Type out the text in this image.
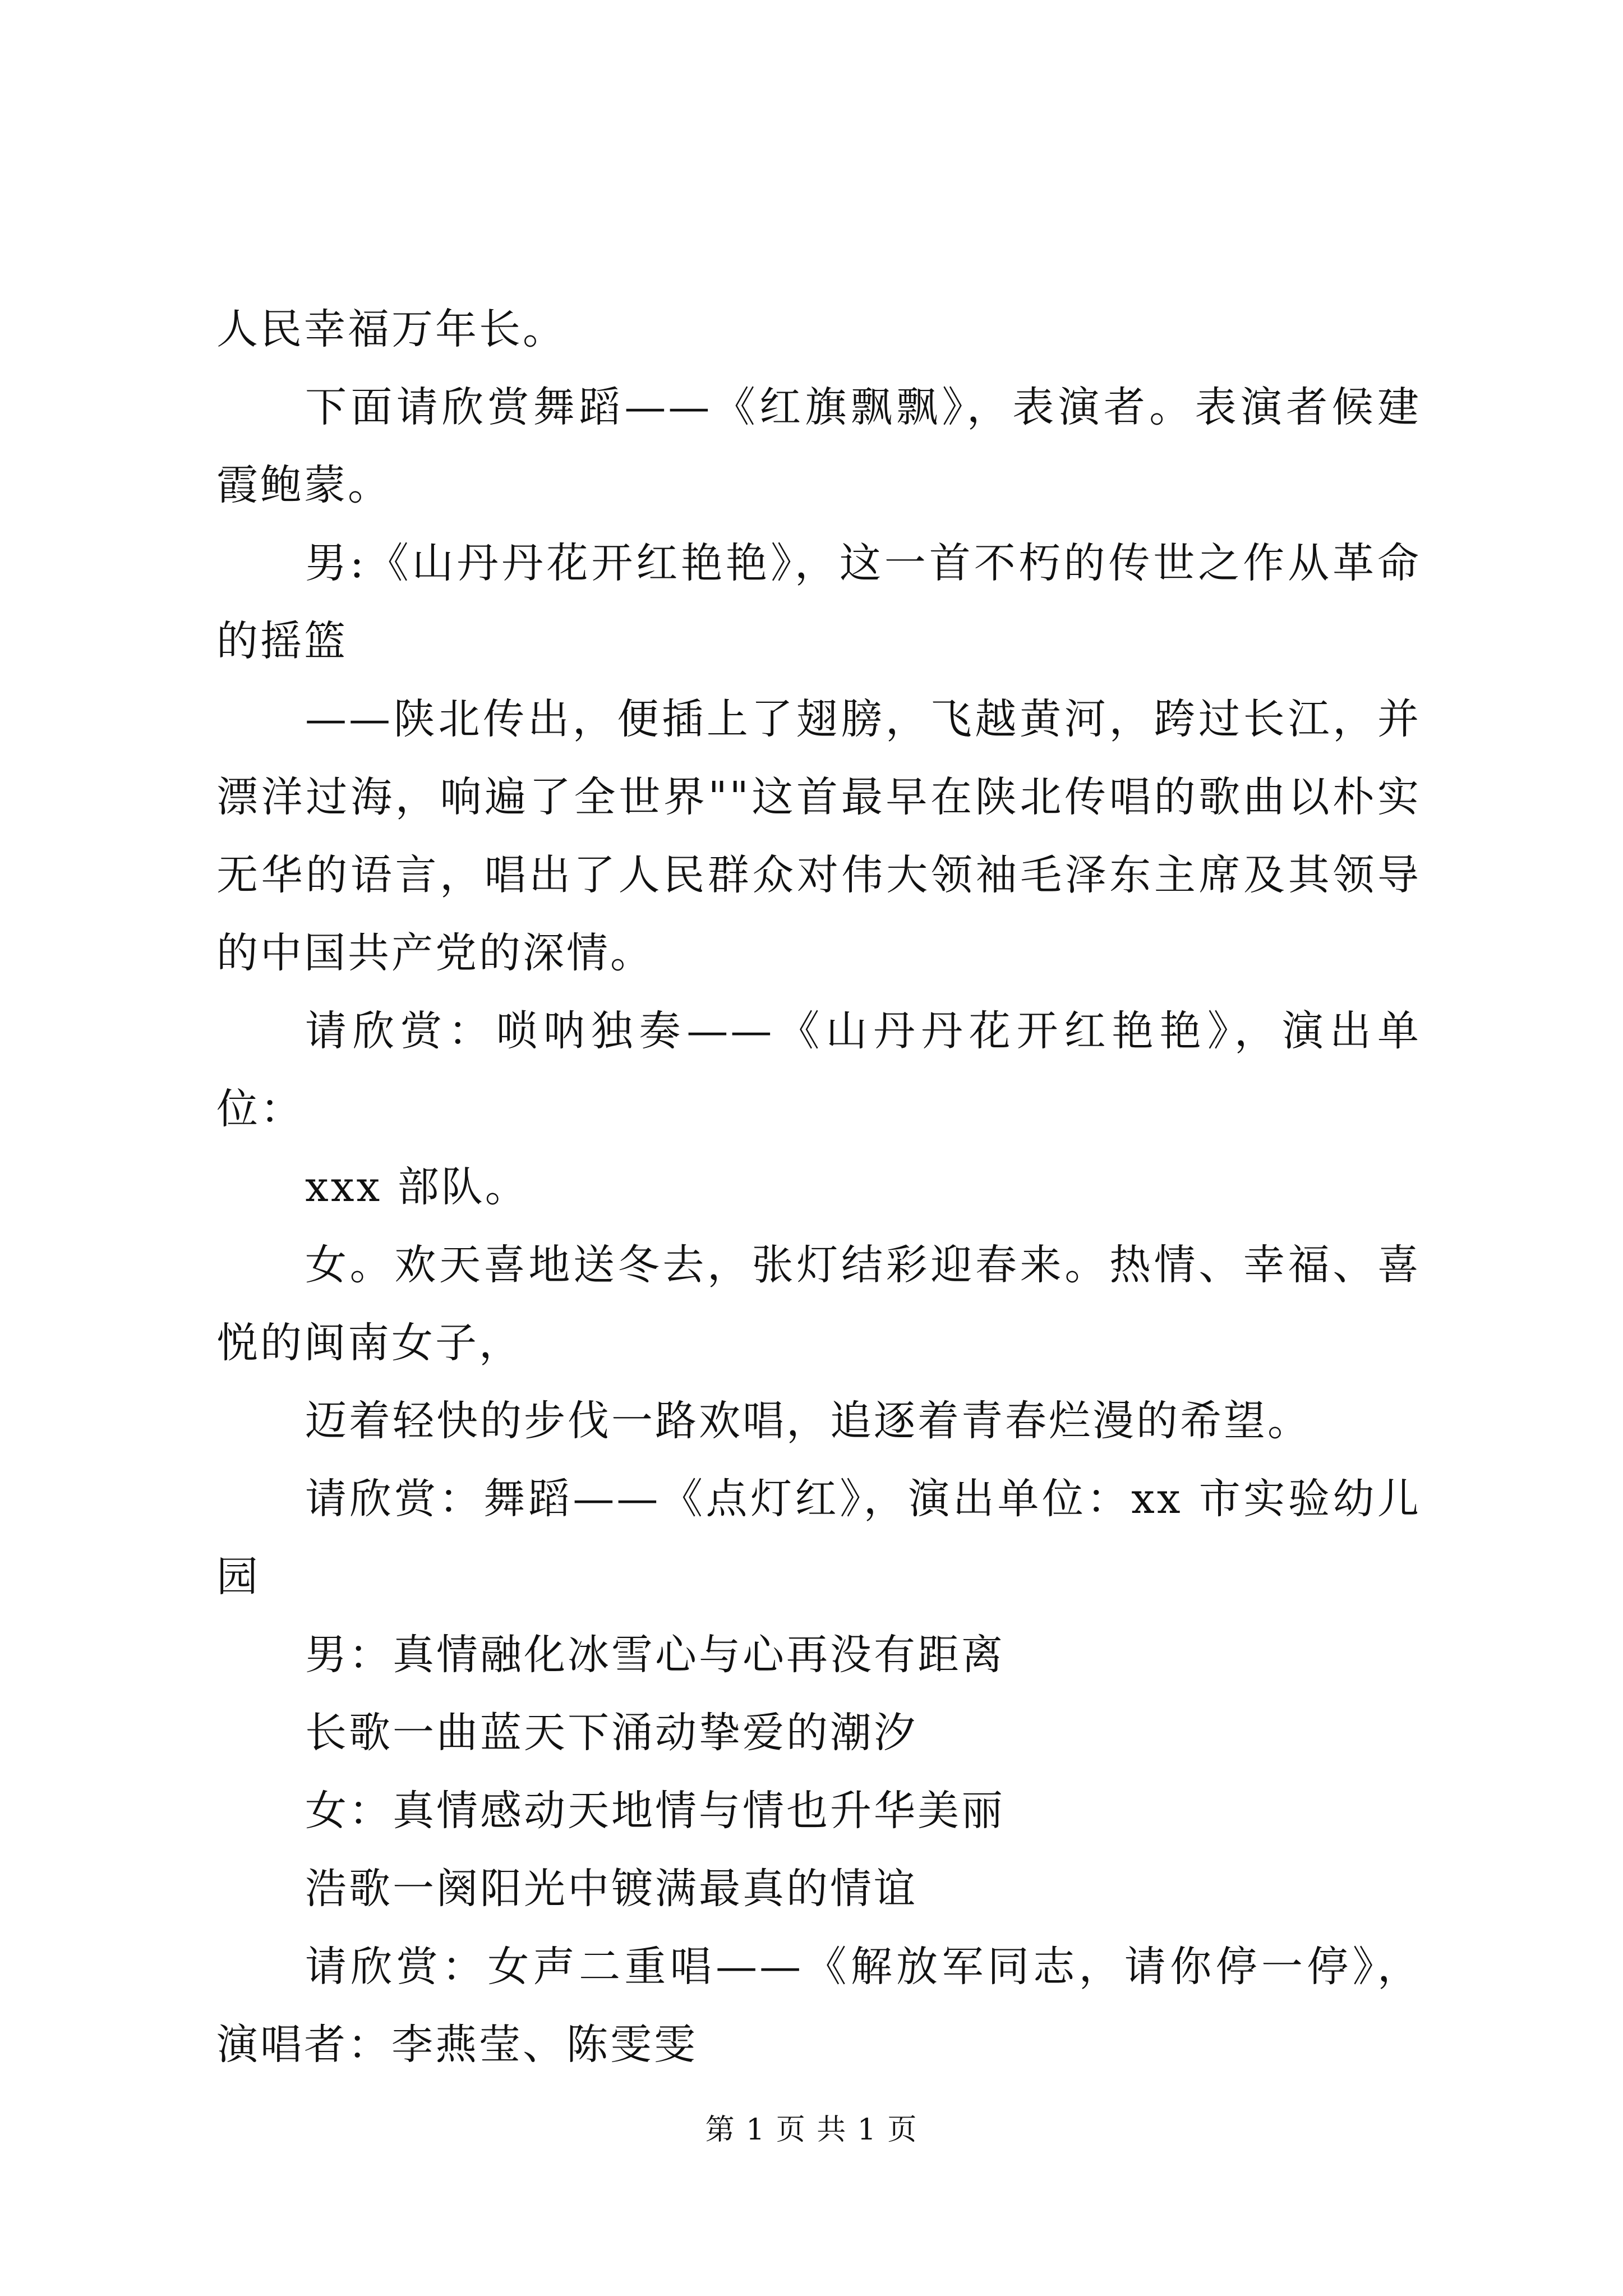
人民幸福万年长。

下面请欣赏舞蹈——《红旗飘飘》，表演者。表演者候建霞鲍蒙。

男:《山丹丹花开红艳艳》，这一首不朽的传世之作从革命的摇篮

——陕北传出，便插上了翅膀，飞越黄河，跨过长江，并漂洋过海，响遍了全世界""这首最早在陕北传唱的歌曲以朴实无华的语言，唱出了人民群众对伟大领袖毛泽东主席及其领导的中国共产党的深情。

请欣赏：唢呐独奏——《山丹丹花开红艳艳》，演出单位：

xxx 部队。

女。欢天喜地送冬去，张灯结彩迎春来。热情、幸福、喜悦的闽南女子，

迈着轻快的步伐一路欢唱，追逐着青春烂漫的希望。

请欣赏：舞蹈——《点灯红》，演出单位：xx 市实验幼儿园

男：真情融化冰雪心与心再没有距离

长歌一曲蓝天下涌动挚爱的潮汐

女：真情感动天地情与情也升华美丽

浩歌一阕阳光中镀满最真的情谊

请欣赏：女声二重唱——《解放军同志，请你停一停》，演唱者：李燕莹、陈雯雯

第 1 页 共 1 页
